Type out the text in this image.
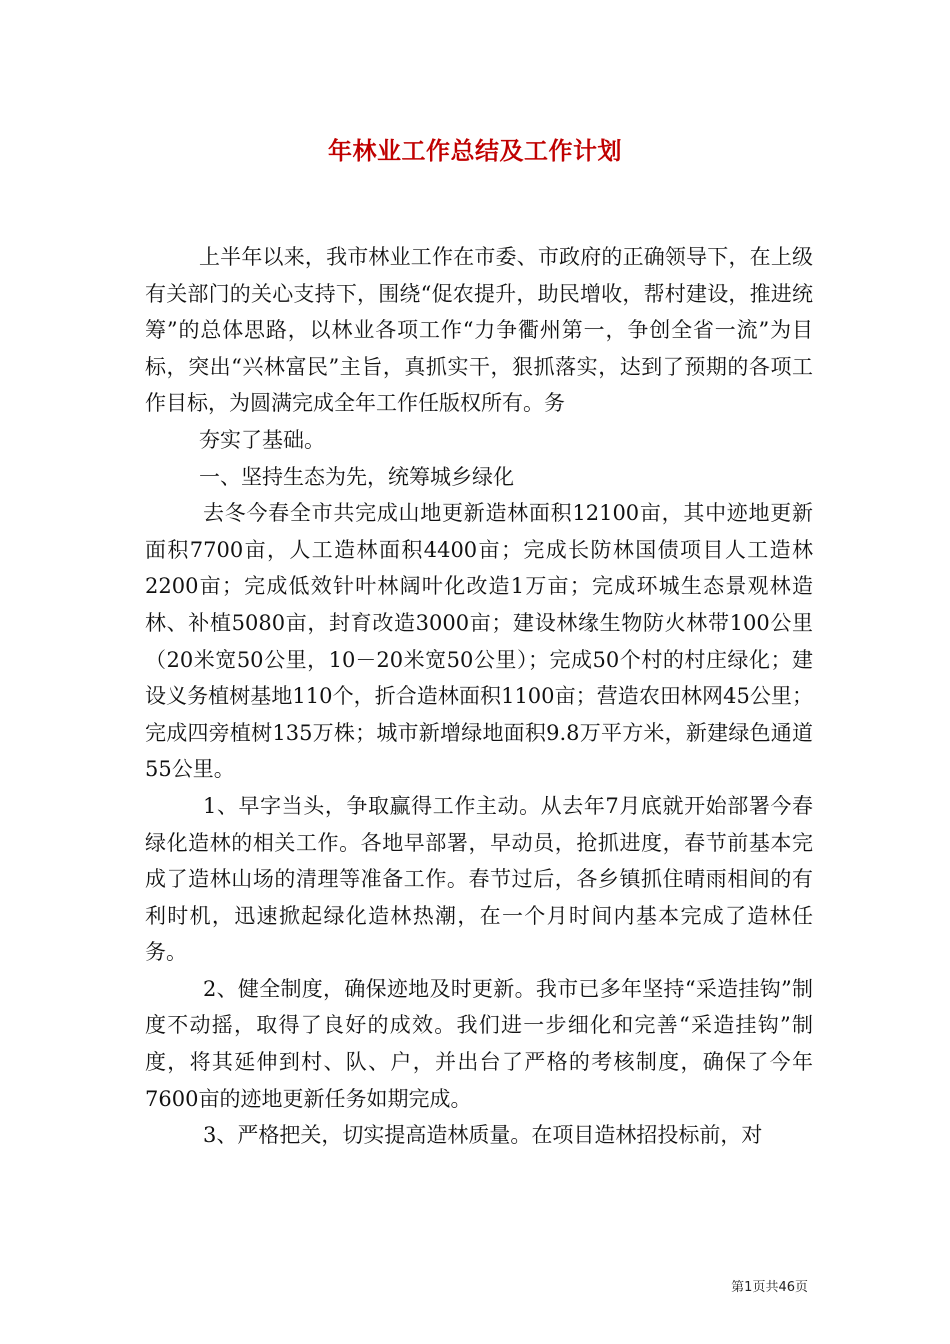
年林业工作总结及工作计划

上半年以来，我市林业工作在市委、市政府的正确领导下，在上级有关部门的关心支持下，围绕“促农提升，助民增收，帮村建设，推进统筹”的总体思路，以林业各项工作“力争衢州第一，争创全省一流”为目标，突出“兴林富民”主旨，真抓实干，狠抓落实，达到了预期的各项工作目标，为圆满完成全年工作任版权所有。务

夯实了基础。

一、坚持生态为先，统筹城乡绿化

去冬今春全市共完成山地更新造林面积12100亩，其中迹地更新面积7700亩，人工造林面积4400亩；完成长防林国债项目人工造林2200亩；完成低效针叶林阔叶化改造1万亩；完成环城生态景观林造林、补植5080亩，封育改造3000亩；建设林缘生物防火林带100公里（20米宽50公里，10－20米宽50公里）；完成50个村的村庄绿化；建设义务植树基地110个，折合造林面积1100亩；营造农田林网45公里；完成四旁植树135万株；城市新增绿地面积9.8万平方米，新建绿色通道55公里。

1、早字当头，争取赢得工作主动。从去年7月底就开始部署今春绿化造林的相关工作。各地早部署，早动员，抢抓进度，春节前基本完成了造林山场的清理等准备工作。春节过后，各乡镇抓住晴雨相间的有利时机，迅速掀起绿化造林热潮，在一个月时间内基本完成了造林任务。

2、健全制度，确保迹地及时更新。我市已多年坚持“采造挂钩”制度不动摇，取得了良好的成效。我们进一步细化和完善“采造挂钩”制度，将其延伸到村、队、户，并出台了严格的考核制度，确保了今年7600亩的迹地更新任务如期完成。

3、严格把关，切实提高造林质量。在项目造林招投标前，对

第1页共46页
